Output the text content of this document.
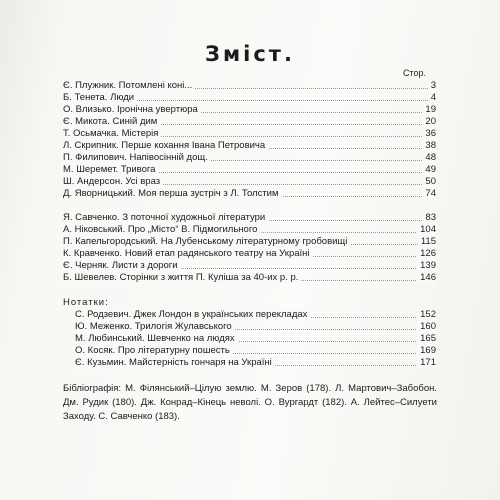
Зміст.
Стор.
Є. Плужник. Потомлені коні...	3
Б. Тенета. Люди	4
О. Влизько. Іронічна увертюра	19
Є. Микота. Синій дим	20
Т. Осьмачка. Містерія	36
Л. Скрипник. Перше кохання Івана Петровича	38
П. Филипович. Напівосінній дощ.	48
М. Шеремет. Тривога	49
Ш. Андерсон. Усі враз	50
Д. Яворницький. Моя перша зустріч з Л. Толстим	74
Я. Савченко. З поточної художньої літератури	83
А. Ніковський. Про „Місто“ В. Підмогильного	104
П. Капельгородський. На Лубенському літературному гробовищі	115
К. Кравченко. Новий етап радянського театру на Україні	126
Є. Черняк. Листи з дороги	139
Б. Шевелев. Сторінки з життя П. Куліша за 40-их р. р.	146
Нотатки:
С. Родзевич. Джек Лондон в українських перекладах	152
Ю. Меженко. Трилогія Жулавського	160
М. Любинський. Шевченко на людях	165
О. Косяк. Про літературну пошесть	169
Є. Кузьмин. Майстерність гончаря на Україні	171

Бібліографія: М. Філянський–Цілую землю. М. Зеров (178). Л. Мартович–Забобон. Дм. Рудик (180). Дж. Конрад–Кінець неволі. О. Вургардт (182). А. Лейтес–Силуети Заходу. С. Савченко (183).
